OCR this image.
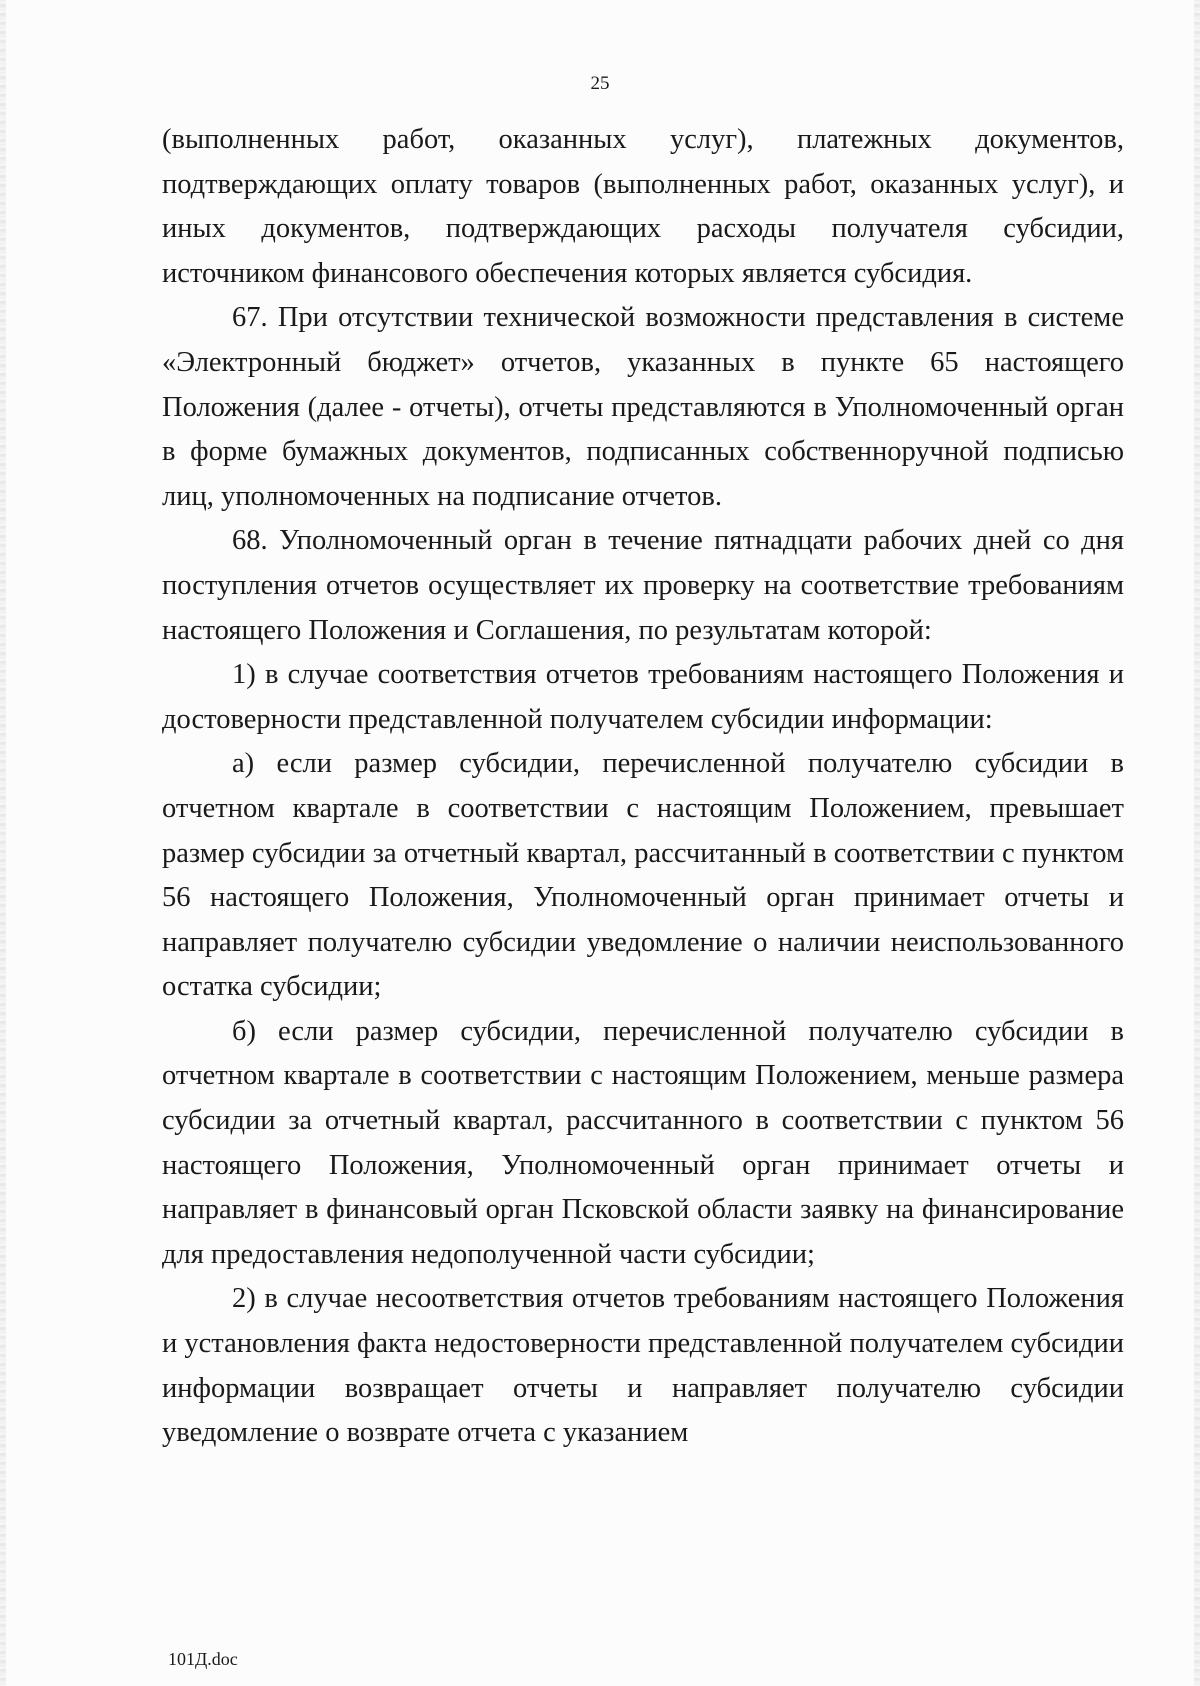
25

(выполненных работ, оказанных услуг), платежных документов, подтверждающих оплату товаров (выполненных работ, оказанных услуг), и иных документов, подтверждающих расходы получателя субсидии, источником финансового обеспечения которых является субсидия.

67. При отсутствии технической возможности представления в системе «Электронный бюджет» отчетов, указанных в пункте 65 настоящего Положения (далее - отчеты), отчеты представляются в Уполномоченный орган в форме бумажных документов, подписанных собственноручной подписью лиц, уполномоченных на подписание отчетов.

68. Уполномоченный орган в течение пятнадцати рабочих дней со дня поступления отчетов осуществляет их проверку на соответствие требованиям настоящего Положения и Соглашения, по результатам которой:

1) в случае соответствия отчетов требованиям настоящего Положения и достоверности представленной получателем субсидии информации:

а) если размер субсидии, перечисленной получателю субсидии в отчетном квартале в соответствии с настоящим Положением, превышает размер субсидии за отчетный квартал, рассчитанный в соответствии с пунктом 56 настоящего Положения, Уполномоченный орган принимает отчеты и направляет получателю субсидии уведомление о наличии неиспользованного остатка субсидии;

б) если размер субсидии, перечисленной получателю субсидии в отчетном квартале в соответствии с настоящим Положением, меньше размера субсидии за отчетный квартал, рассчитанного в соответствии с пунктом 56 настоящего Положения, Уполномоченный орган принимает отчеты и направляет в финансовый орган Псковской области заявку на финансирование для предоставления недополученной части субсидии;

2) в случае несоответствия отчетов требованиям настоящего Положения и установления факта недостоверности представленной получателем субсидии информации возвращает отчеты и направляет получателю субсидии уведомление о возврате отчета с указанием

101Д.doc
